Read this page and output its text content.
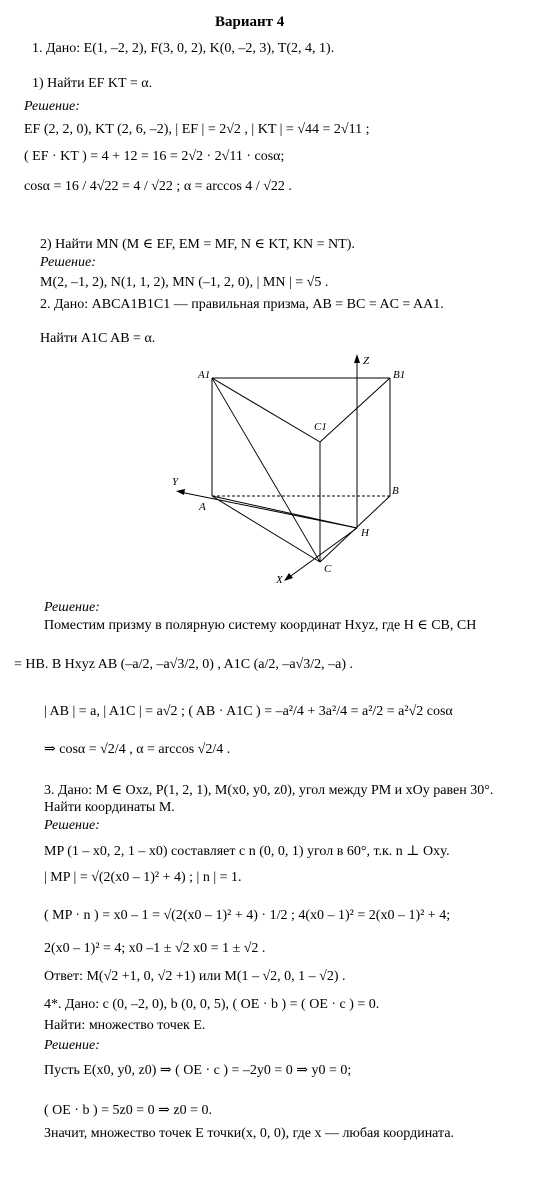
Вариант 4
1. Дано: E(1, –2, 2), F(3, 0, 2), K(0, –2, 3), T(2, 4, 1).
1) Найти EF KT = α.
Решение:
EF (2, 2, 0), KT (2, 6, –2), | EF | = 2√2 , | KT | = √44 = 2√11 ;
( EF · KT ) = 4 + 12 = 16 = 2√2 · 2√11 · cosα;
cosα = 16 / 4√22 = 4 / √22 ; α = arccos 4 / √22 .
2) Найти MN (M ∈ EF, EM = MF, N ∈ KT, KN = NT).
Решение:
M(2, –1, 2), N(1, 1, 2), MN (–1, 2, 0), | MN | = √5 .
2. Дано: ABCA1B1C1 — правильная призма, AB = BC = AC = AA1.
Найти A1C AB = α.
A1	B1
C1
Z
Y
A
B
H
C
X
Решение:
Поместим призму в полярную систему координат Hxyz, где H ∈ CB, CH
= HB. В Hxyz AB (–a/2, –a√3/2, 0) , A1C (a/2, –a√3/2, –a) .
| AB | = a, | A1C | = a√2 ; ( AB · A1C ) = –a²/4 + 3a²/4 = a²/2 = a²√2 cosα
⇒ cosα = √2/4 , α = arccos √2/4 .
3. Дано: M ∈ Oxz, P(1, 2, 1), M(x0, y0, z0), угол между PM и xOy равен 30°.
Найти координаты M.
Решение:
MP (1 – x0, 2, 1 – x0) составляет с n (0, 0, 1) угол в 60°, т.к. n ⊥ Oxy.
| MP | = √(2(x0 – 1)² + 4) ; | n | = 1.
( MP · n ) = x0 – 1 = √(2(x0 – 1)² + 4) · 1/2 ; 4(x0 – 1)² = 2(x0 – 1)² + 4;
2(x0 – 1)² = 4; x0 –1 ± √2 x0 = 1 ± √2 .
Ответ: M(√2 +1, 0, √2 +1) или M(1 – √2, 0, 1 – √2) .
4*. Дано: c (0, –2, 0), b (0, 0, 5), ( OE · b ) = ( OE · c ) = 0.
Найти: множество точек E.
Решение:
Пусть E(x0, y0, z0) ⇒ ( OE · c ) = –2y0 = 0 ⇒ y0 = 0;
( OE · b ) = 5z0 = 0 ⇒ z0 = 0.
Значит, множество точек E точки(x, 0, 0), где x — любая координата.
